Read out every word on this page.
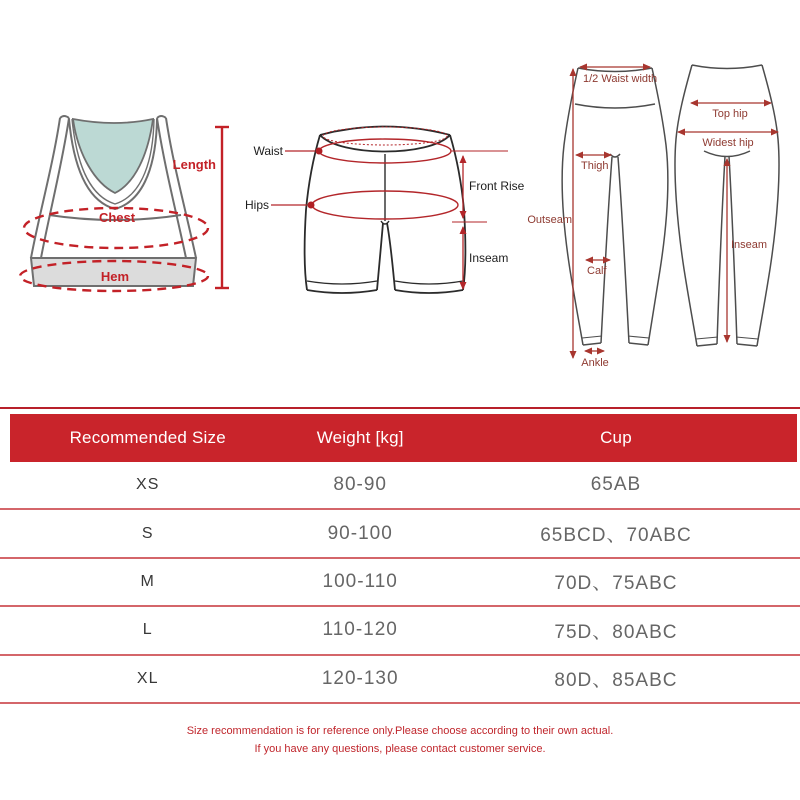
Length
Chest
Hem
Waist
Hips
Front Rise
Inseam
1/2 Waist width
Thigh
Outseam
Calf
Ankle
Top hip
Widest hip
Inseam
Recommended Size	Weight [kg]	Cup
XS	80-90	65AB
S	90-100	65BCD、70ABC
M	100-110	70D、75ABC
L	110-120	75D、80ABC
XL	120-130	80D、85ABC
Size recommendation is for reference only.Please choose according to their own actual.
If you have any questions, please contact customer service.
